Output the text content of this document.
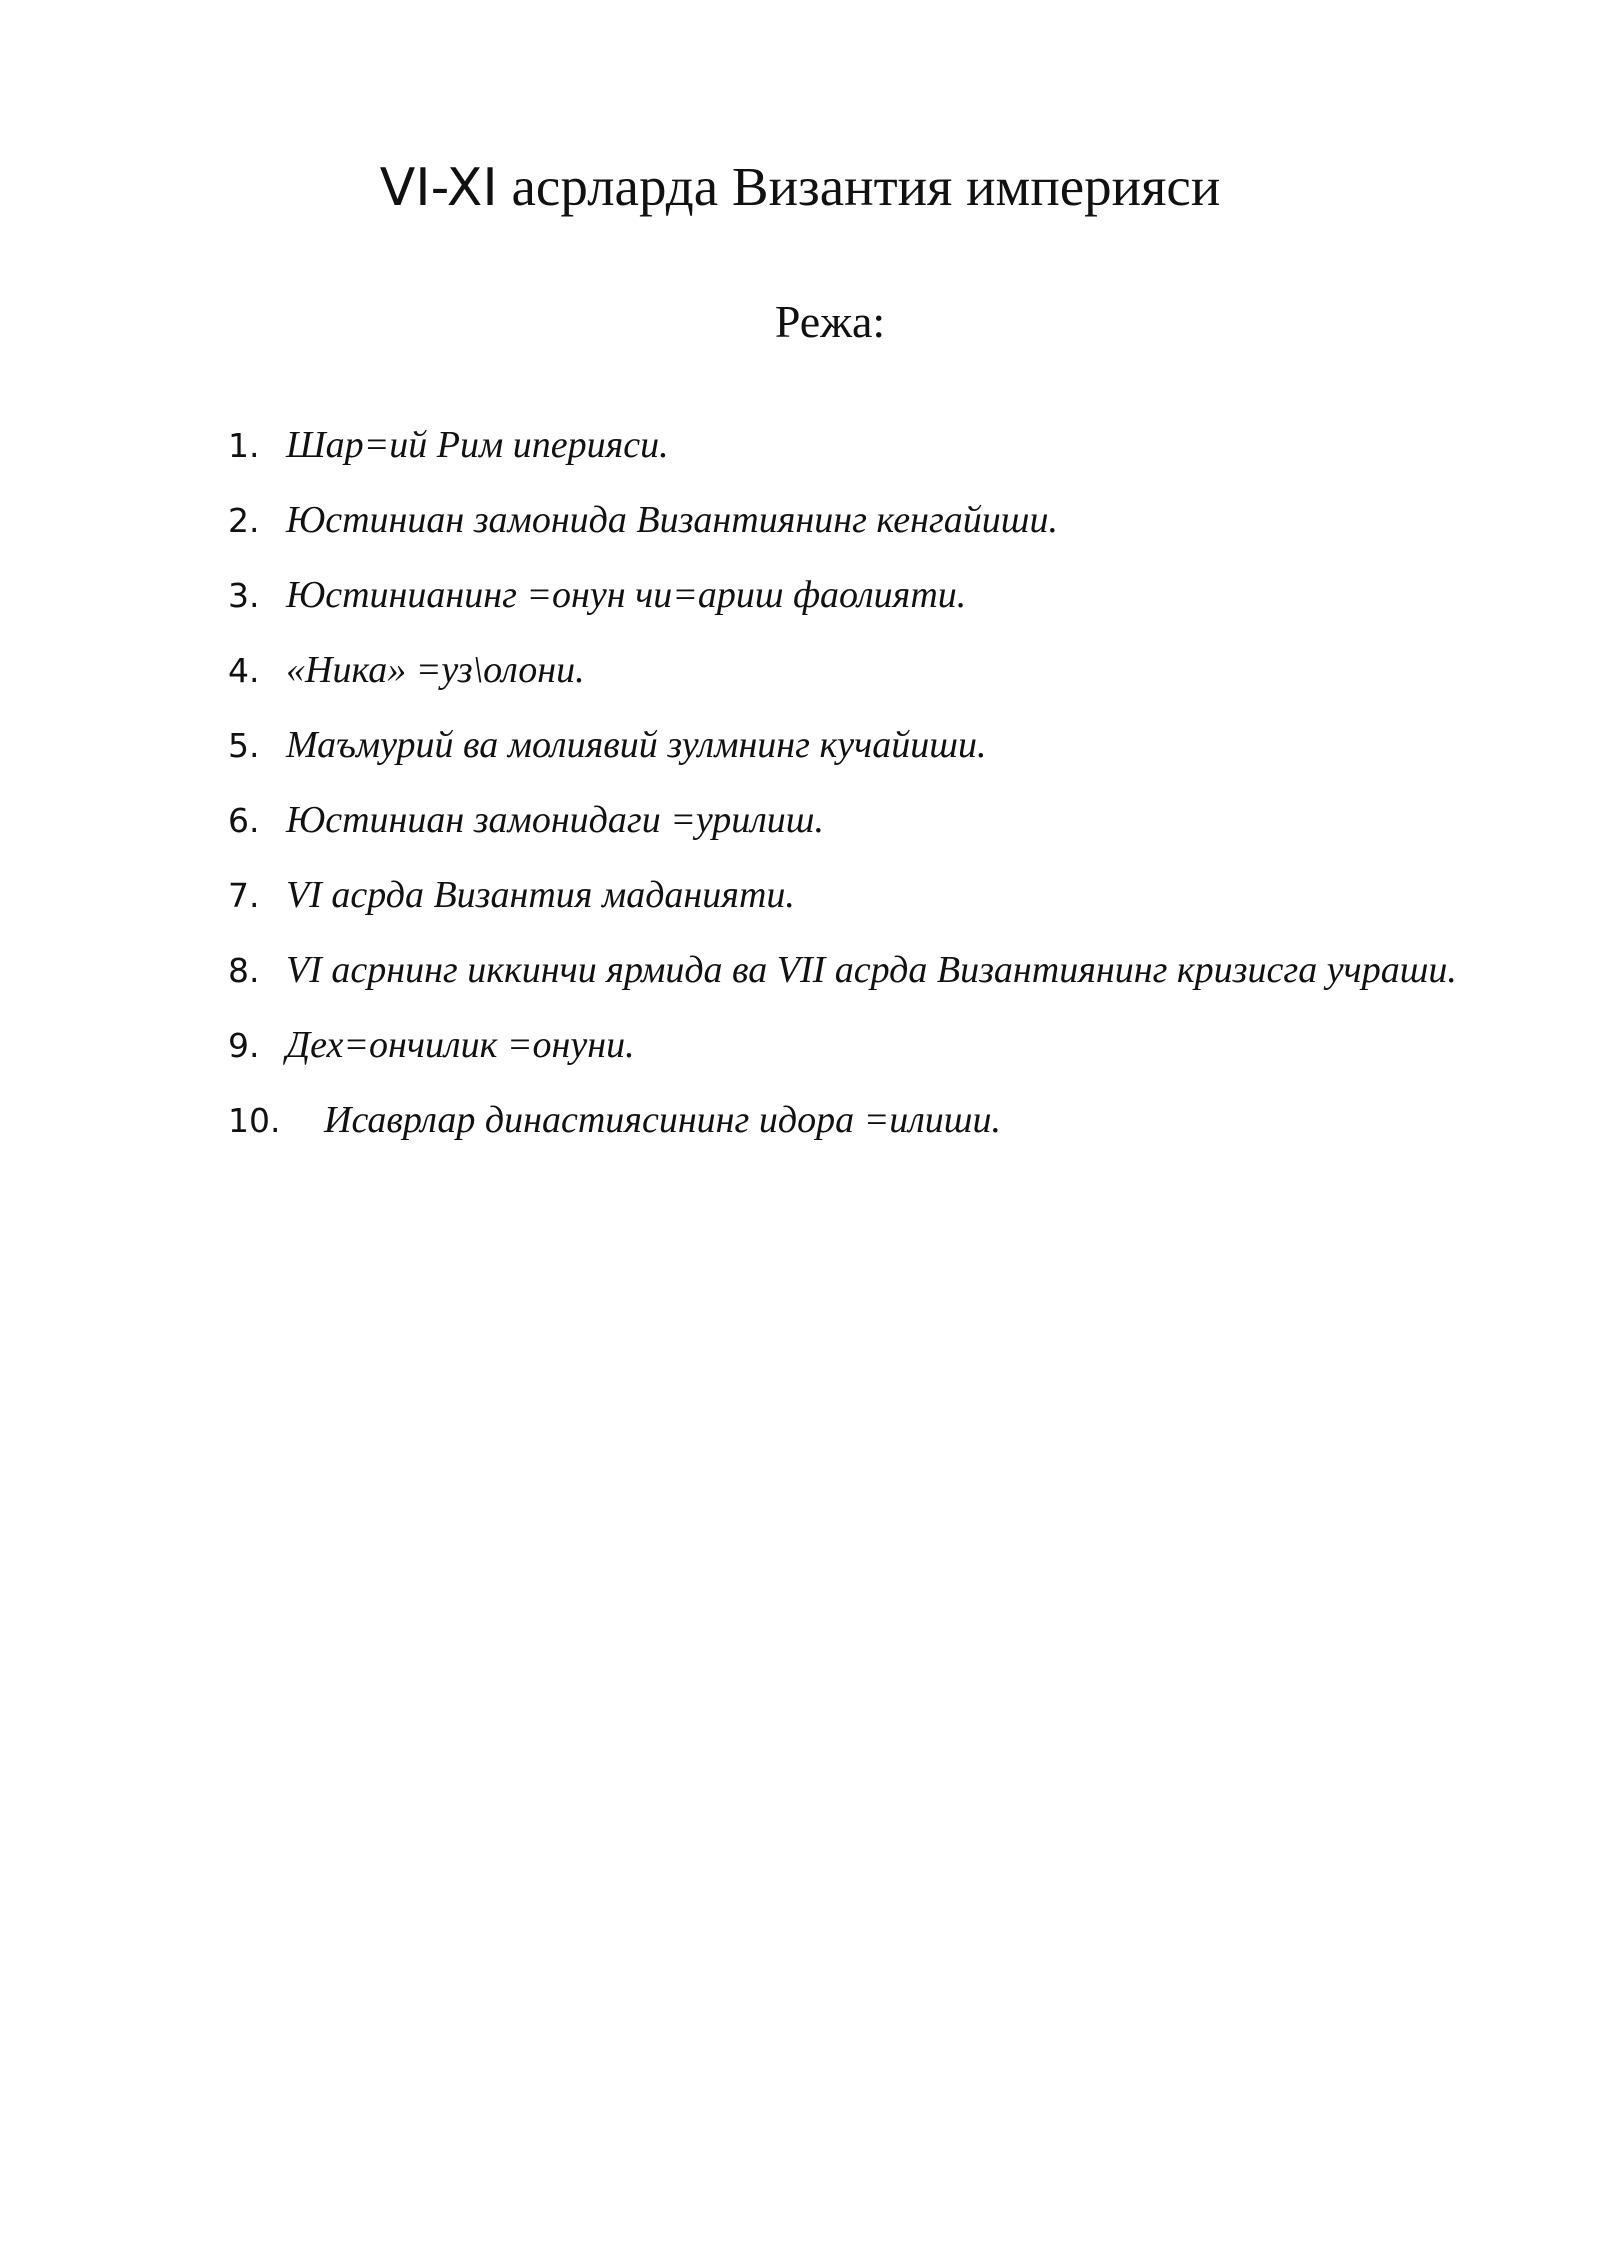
VI-XI асрларда Византия империяси
Режа:
1. Шар=ий Рим иперияси.
2. Юстиниан замонида Византиянинг кенгайиши.
3. Юстинианинг =онун чи=ариш фаолияти.
4. «Ника» =уз\олони.
5. Маъмурий ва молиявий зулмнинг кучайиши.
6. Юстиниан замонидаги =урилиш.
7. VI асрда Византия маданияти.
8. VI асрнинг иккинчи ярмида ва VII асрда Византиянинг кризисга учраши.
9. Дех=ончилик =онуни.
10. Исаврлар династиясининг идора =илиши.
